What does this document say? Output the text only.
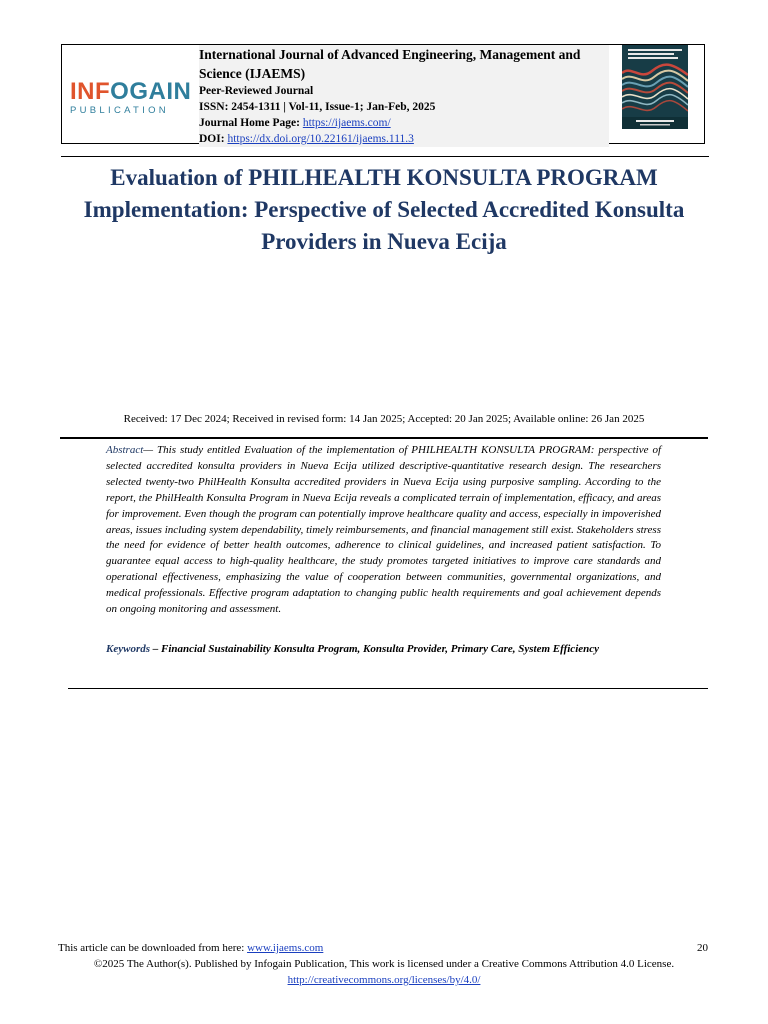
INFOGAIN
PUBLICATION
International Journal of Advanced Engineering, Management and Science (IJAEMS)
Peer-Reviewed Journal
ISSN: 2454-1311 | Vol-11, Issue-1; Jan-Feb, 2025
Journal Home Page: https://ijaems.com/
DOI: https://dx.doi.org/10.22161/ijaems.111.3
Evaluation of PHILHEALTH KONSULTA PROGRAM Implementation: Perspective of Selected Accredited Konsulta Providers in Nueva Ecija
Received: 17 Dec 2024; Received in revised form: 14 Jan 2025; Accepted: 20 Jan 2025; Available online: 26 Jan 2025

Abstract— This study entitled Evaluation of the implementation of PHILHEALTH KONSULTA PROGRAM: perspective of selected accredited konsulta providers in Nueva Ecija utilized descriptive-quantitative research design. The researchers selected twenty-two PhilHealth Konsulta accredited providers in Nueva Ecija using purposive sampling. According to the report, the PhilHealth Konsulta Program in Nueva Ecija reveals a complicated terrain of implementation, efficacy, and areas for improvement. Even though the program can potentially improve healthcare quality and access, especially in impoverished areas, issues including system dependability, timely reimbursements, and financial management still exist. Stakeholders stress the need for evidence of better health outcomes, adherence to clinical guidelines, and increased patient satisfaction. To guarantee equal access to high-quality healthcare, the study promotes targeted initiatives to improve care standards and operational effectiveness, emphasizing the value of cooperation between communities, governmental organizations, and medical professionals. Effective program adaptation to changing public health requirements and goal achievement depends on ongoing monitoring and assessment.

Keywords – Financial Sustainability Konsulta Program, Konsulta Provider, Primary Care, System Efficiency

This article can be downloaded from here: www.ijaems.com	20
©2025 The Author(s). Published by Infogain Publication, This work is licensed under a Creative Commons Attribution 4.0 License. http://creativecommons.org/licenses/by/4.0/
